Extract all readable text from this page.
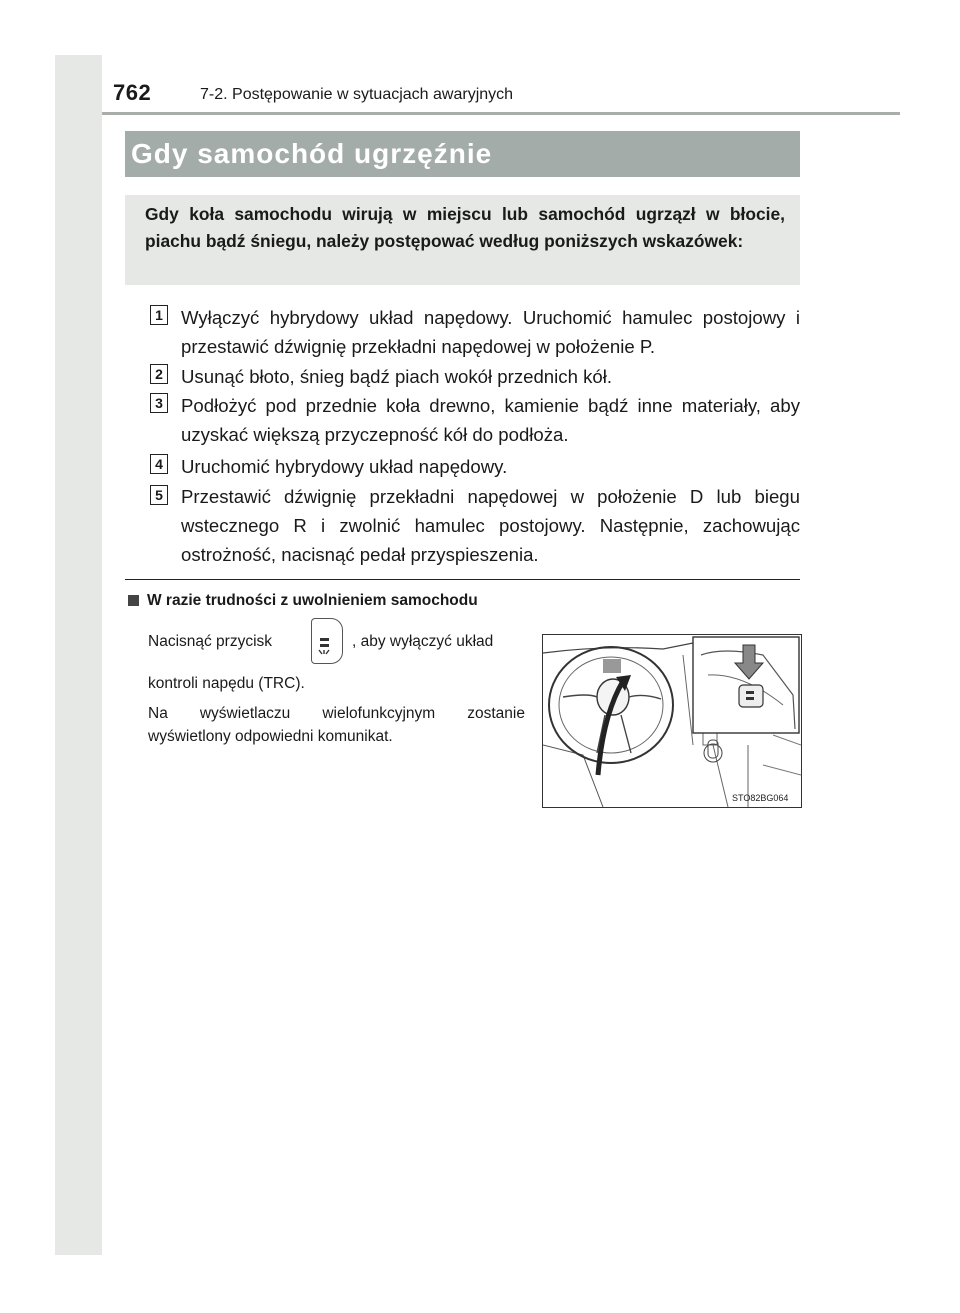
762	7-2. Postępowanie w sytuacjach awaryjnych
Gdy samochód ugrzęźnie
Gdy koła samochodu wirują w miejscu lub samochód ugrzązł w błocie, piachu bądź śniegu, należy postępować według poniższych wskazówek:
1 Wyłączyć hybrydowy układ napędowy. Uruchomić hamulec postojowy i przestawić dźwignię przekładni napędowej w położenie P.
2 Usunąć błoto, śnieg bądź piach wokół przednich kół.
3 Podłożyć pod przednie koła drewno, kamienie bądź inne materiały, aby uzyskać większą przyczepność kół do podłoża.
4 Uruchomić hybrydowy układ napędowy.
5 Przestawić dźwignię przekładni napędowej w położenie D lub biegu wstecznego R i zwolnić hamulec postojowy. Następnie, zachowując ostrożność, nacisnąć pedał przyspieszenia.
W razie trudności z uwolnieniem samochodu
Nacisnąć przycisk	, aby wyłączyć układ
kontroli napędu (TRC).
Na wyświetlaczu wielofunkcyjnym zostanie wyświetlony odpowiedni komunikat.
STO82BG064
